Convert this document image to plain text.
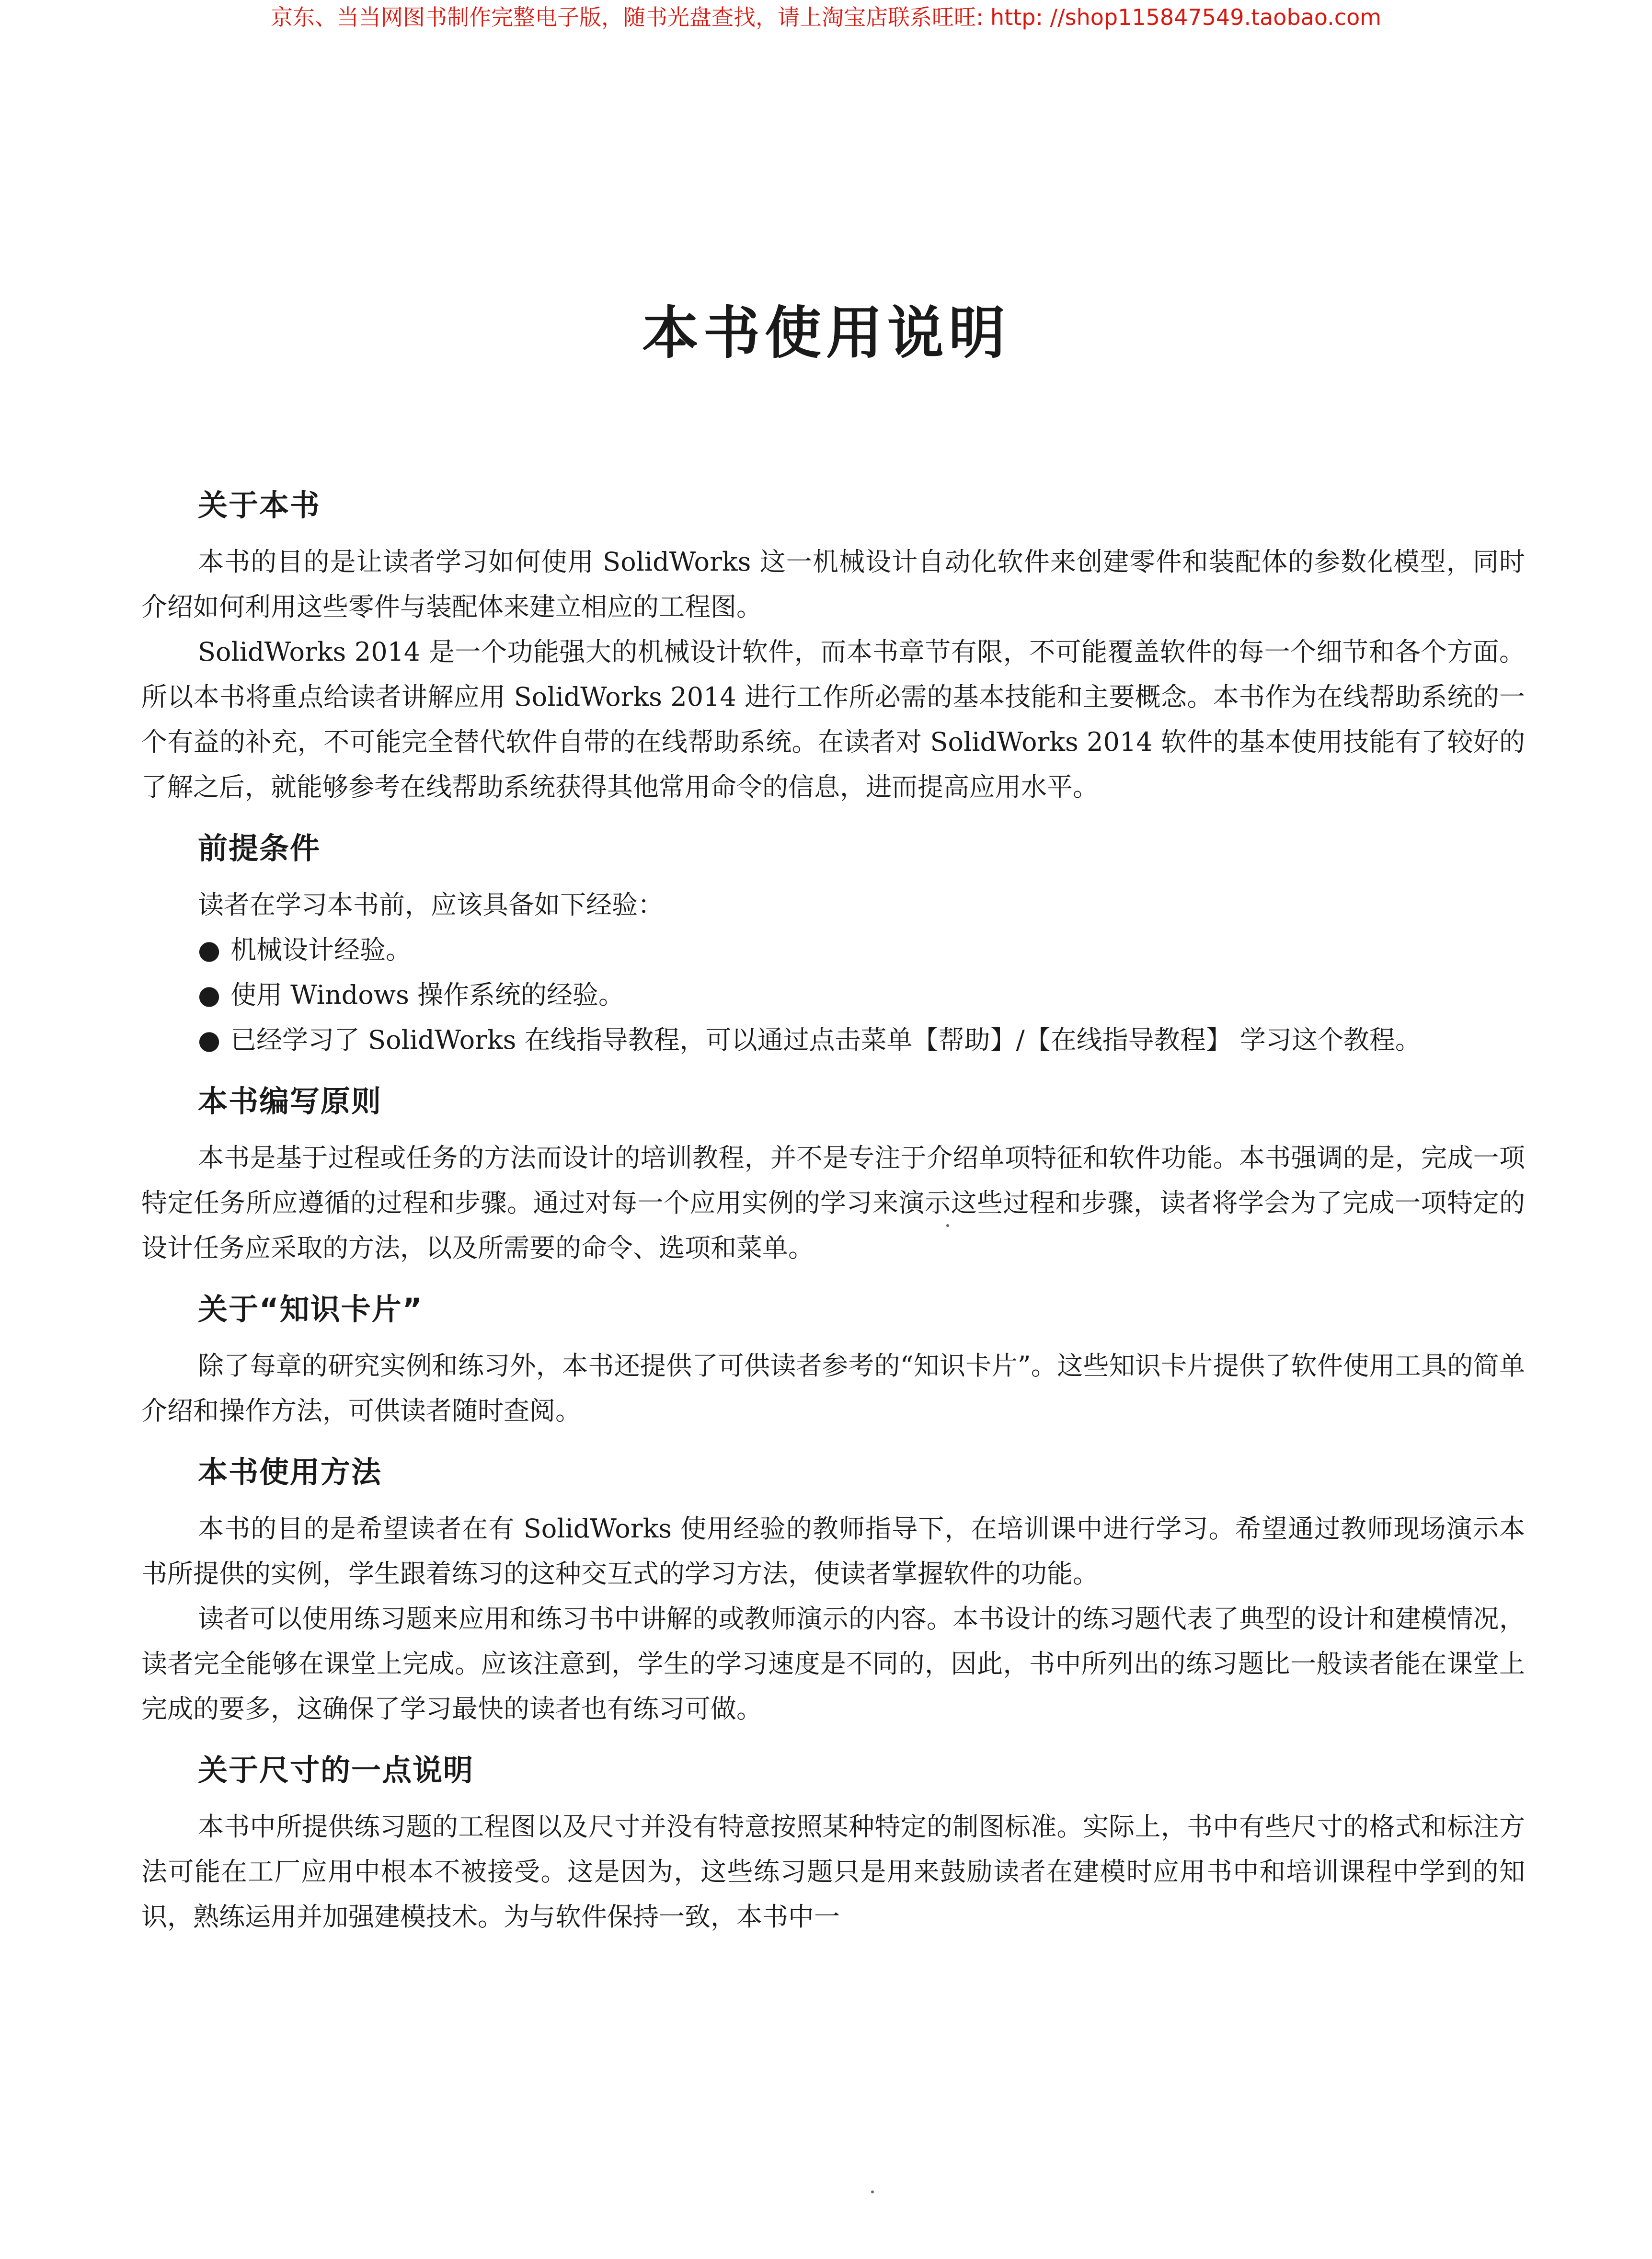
京东、当当网图书制作完整电子版，随书光盘查找，请上淘宝店联系旺旺: http: //shop115847549.taobao.com
本书使用说明
关于本书

本书的目的是让读者学习如何使用 SolidWorks 这一机械设计自动化软件来创建零件和装配体的参数化模型，同时介绍如何利用这些零件与装配体来建立相应的工程图。

SolidWorks 2014 是一个功能强大的机械设计软件，而本书章节有限，不可能覆盖软件的每一个细节和各个方面。所以本书将重点给读者讲解应用 SolidWorks 2014 进行工作所必需的基本技能和主要概念。本书作为在线帮助系统的一个有益的补充，不可能完全替代软件自带的在线帮助系统。在读者对 SolidWorks 2014 软件的基本使用技能有了较好的了解之后，就能够参考在线帮助系统获得其他常用命令的信息，进而提高应用水平。

前提条件

读者在学习本书前，应该具备如下经验：

● 机械设计经验。
● 使用 Windows 操作系统的经验。
● 已经学习了 SolidWorks 在线指导教程，可以通过点击菜单【帮助】/【在线指导教程】 学习这个教程。
本书编写原则

本书是基于过程或任务的方法而设计的培训教程，并不是专注于介绍单项特征和软件功能。本书强调的是，完成一项特定任务所应遵循的过程和步骤。通过对每一个应用实例的学习来演示这些过程和步骤，读者将学会为了完成一项特定的设计任务应采取的方法，以及所需要的命令、选项和菜单。

关于“知识卡片”

除了每章的研究实例和练习外，本书还提供了可供读者参考的“知识卡片”。这些知识卡片提供了软件使用工具的简单介绍和操作方法，可供读者随时查阅。

本书使用方法

本书的目的是希望读者在有 SolidWorks 使用经验的教师指导下，在培训课中进行学习。希望通过教师现场演示本书所提供的实例，学生跟着练习的这种交互式的学习方法，使读者掌握软件的功能。

读者可以使用练习题来应用和练习书中讲解的或教师演示的内容。本书设计的练习题代表了典型的设计和建模情况，读者完全能够在课堂上完成。应该注意到，学生的学习速度是不同的，因此，书中所列出的练习题比一般读者能在课堂上完成的要多，这确保了学习最快的读者也有练习可做。

关于尺寸的一点说明

本书中所提供练习题的工程图以及尺寸并没有特意按照某种特定的制图标准。实际上，书中有些尺寸的格式和标注方法可能在工厂应用中根本不被接受。这是因为，这些练习题只是用来鼓励读者在建模时应用书中和培训课程中学到的知识，熟练运用并加强建模技术。为与软件保持一致，本书中一
